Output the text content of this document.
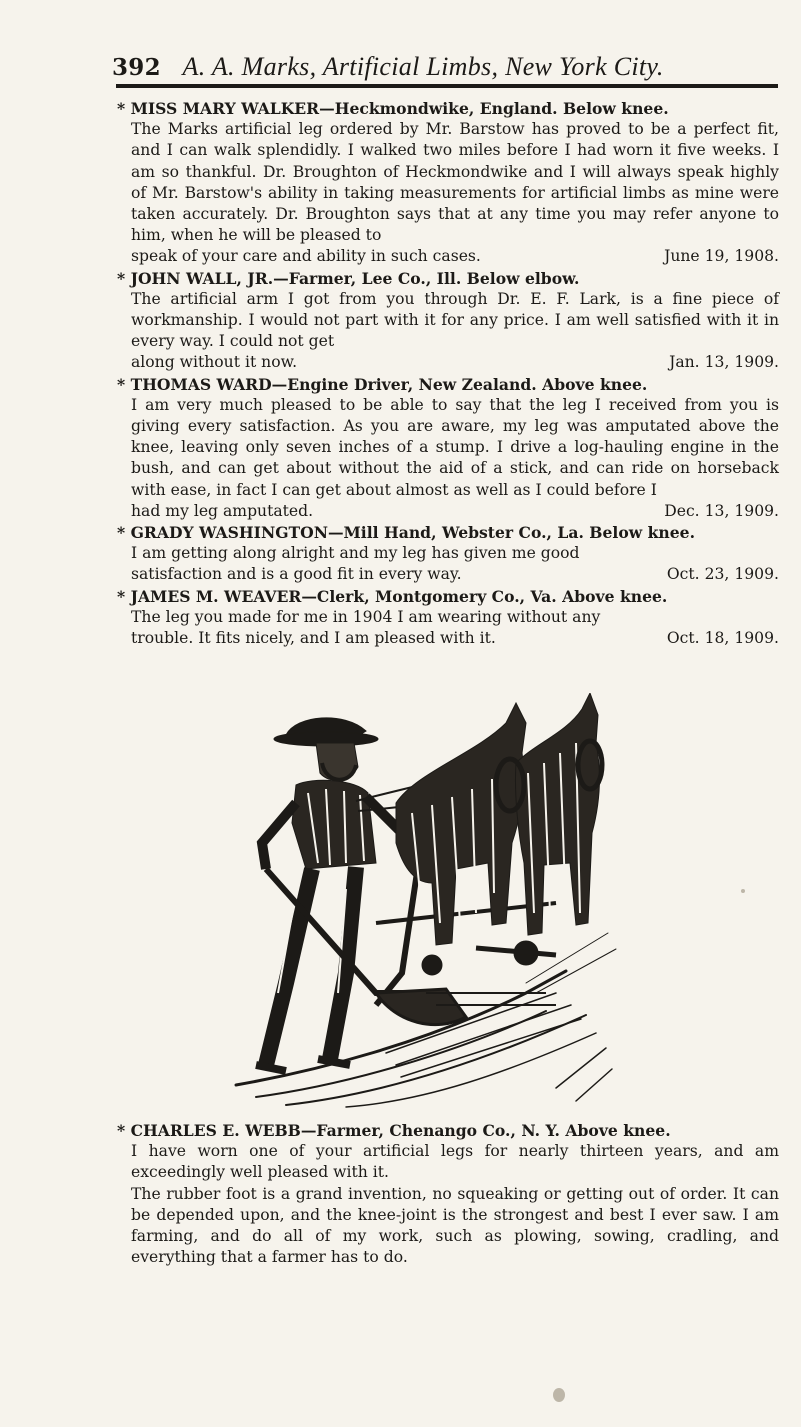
392 A. A. Marks, Artificial Limbs, New York City.
* MISS MARY WALKER—Heckmondwike, England. Below knee.

The Marks artificial leg ordered by Mr. Barstow has proved to be a perfect fit, and I can walk splendidly. I walked two miles before I had worn it five weeks. I am so thankful. Dr. Broughton of Heckmondwike and I will always speak highly of Mr. Barstow's ability in taking measurements for artificial limbs as mine were taken accurately. Dr. Broughton says that at any time you may refer anyone to him, when he will be pleased to

speak of your care and ability in such cases.	June 19, 1908.
* JOHN WALL, JR.—Farmer, Lee Co., Ill. Below elbow.

The artificial arm I got from you through Dr. E. F. Lark, is a fine piece of workmanship. I would not part with it for any price. I am well satisfied with it in every way. I could not get

along without it now.	Jan. 13, 1909.
* THOMAS WARD—Engine Driver, New Zealand. Above knee.

I am very much pleased to be able to say that the leg I received from you is giving every satisfaction. As you are aware, my leg was amputated above the knee, leaving only seven inches of a stump. I drive a log-hauling engine in the bush, and can get about without the aid of a stick, and can ride on horseback with ease, in fact I can get about almost as well as I could before I

had my leg amputated.	Dec. 13, 1909.
* GRADY WASHINGTON—Mill Hand, Webster Co., La. Below knee.

I am getting along alright and my leg has given me good

satisfaction and is a good fit in every way.	Oct. 23, 1909.
* JAMES M. WEAVER—Clerk, Montgomery Co., Va. Above knee.

The leg you made for me in 1904 I am wearing without any

trouble. It fits nicely, and I am pleased with it.	Oct. 18, 1909.
* CHARLES E. WEBB—Farmer, Chenango Co., N. Y. Above knee.

I have worn one of your artificial legs for nearly thirteen years, and am exceedingly well pleased with it.

The rubber foot is a grand invention, no squeaking or getting out of order. It can be depended upon, and the knee-joint is the strongest and best I ever saw. I am farming, and do all of my work, such as plowing, sowing, cradling, and everything that a farmer has to do.
